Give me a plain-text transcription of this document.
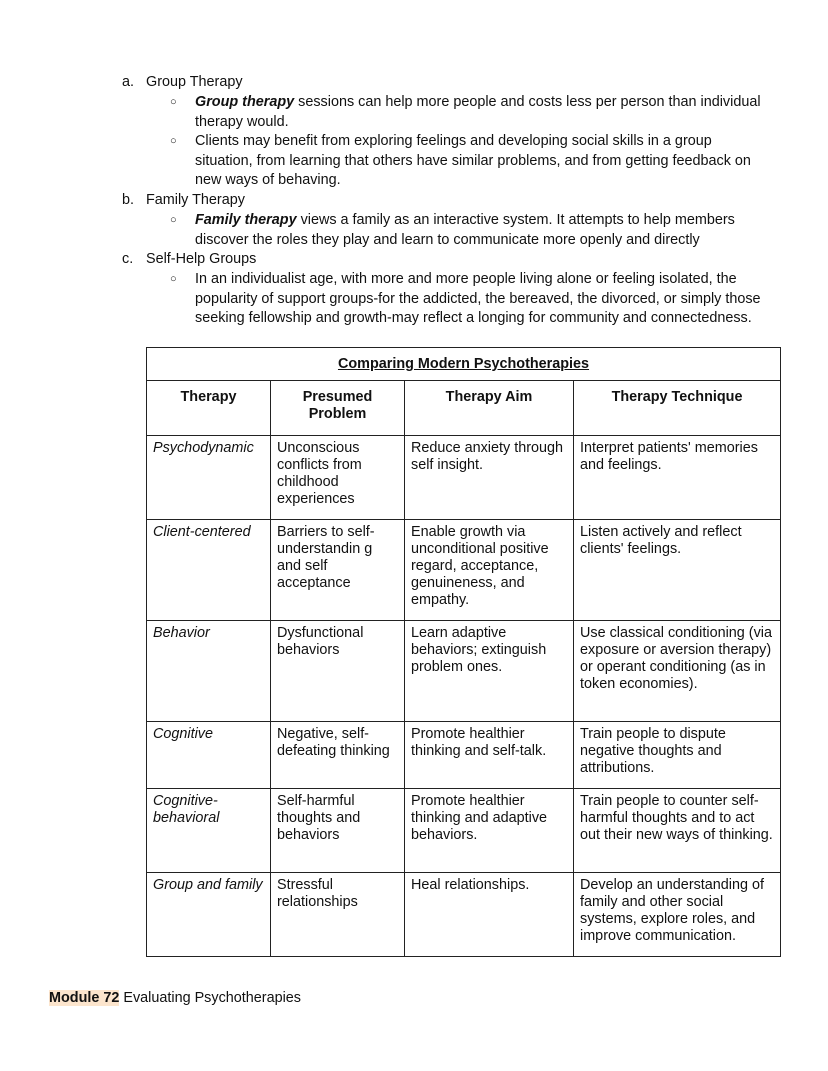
a. Group Therapy
○ Group therapy sessions can help more people and costs less per person than individual therapy would.
○ Clients may benefit from exploring feelings and developing social skills in a group situation, from learning that others have similar problems, and from getting feedback on new ways of behaving.
b. Family Therapy
○ Family therapy views a family as an interactive system. It attempts to help members discover the roles they play and learn to communicate more openly and directly
c. Self-Help Groups
○ In an individualist age, with more and more people living alone or feeling isolated, the popularity of support groups-for the addicted, the bereaved, the divorced, or simply those seeking fellowship and growth-may reflect a longing for community and connectedness.
Comparing Modern Psychotherapies			
Therapy	Presumed Problem	Therapy Aim	Therapy Technique
Psychodynamic	Unconscious conflicts from childhood experiences	Reduce anxiety through self insight.	Interpret patients' memories and feelings.
Client-centered	Barriers to self-understandin g and self acceptance	Enable growth via unconditional positive regard, acceptance, genuineness, and empathy.	Listen actively and reflect clients' feelings.
Behavior	Dysfunctional behaviors	Learn adaptive behaviors; extinguish problem ones.	Use classical conditioning (via exposure or aversion therapy) or operant conditioning (as in token economies).
Cognitive	Negative, self-defeating thinking	Promote healthier thinking and self-talk.	Train people to dispute negative thoughts and attributions.
Cognitive-behavioral	Self-harmful thoughts and behaviors	Promote healthier thinking and adaptive behaviors.	Train people to counter self-harmful thoughts and to act out their new ways of thinking.
Group and family	Stressful relationships	Heal relationships.	Develop an understanding of family and other social systems, explore roles, and improve communication.
Module 72 Evaluating Psychotherapies
